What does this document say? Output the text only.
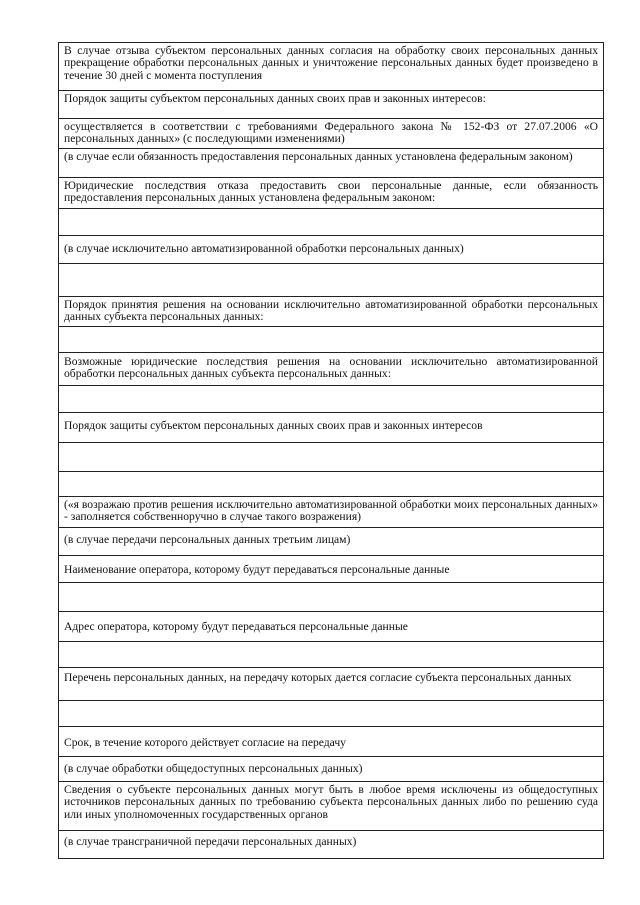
В случае отзыва субъектом персональных данных согласия на обработку своих персональных данных прекращение обработки персональных данных и уничтожение персональных данных будет произведено в течение 30 дней с момента поступления
Порядок защиты субъектом персональных данных своих прав и законных интересов:
осуществляется в соответствии с требованиями Федерального закона № 152-ФЗ от 27.07.2006 «О персональных данных» (с последующими изменениями)
(в случае если обязанность предоставления персональных данных установлена федеральным законом)
Юридические последствия отказа предоставить свои персональные данные, если обязанность предоставления персональных данных установлена федеральным законом:
(в случае исключительно автоматизированной обработки персональных данных)
Порядок принятия решения на основании исключительно автоматизированной обработки персональных данных субъекта персональных данных:
Возможные юридические последствия решения на основании исключительно автоматизированной обработки персональных данных субъекта персональных данных:
Порядок защиты субъектом персональных данных своих прав и законных интересов
(«я возражаю против решения исключительно автоматизированной обработки моих персональных данных» - заполняется собственноручно в случае такого возражения)
(в случае передачи персональных данных третьим лицам)
Наименование оператора, которому будут передаваться персональные данные
Адрес оператора, которому будут передаваться персональные данные
Перечень персональных данных, на передачу которых дается согласие субъекта персональных данных
Срок, в течение которого действует согласие на передачу
(в случае обработки общедоступных персональных данных)
Сведения о субъекте персональных данных могут быть в любое время исключены из общедоступных источников персональных данных по требованию субъекта персональных данных либо по решению суда или иных уполномоченных государственных органов
(в случае трансграничной передачи персональных данных)
